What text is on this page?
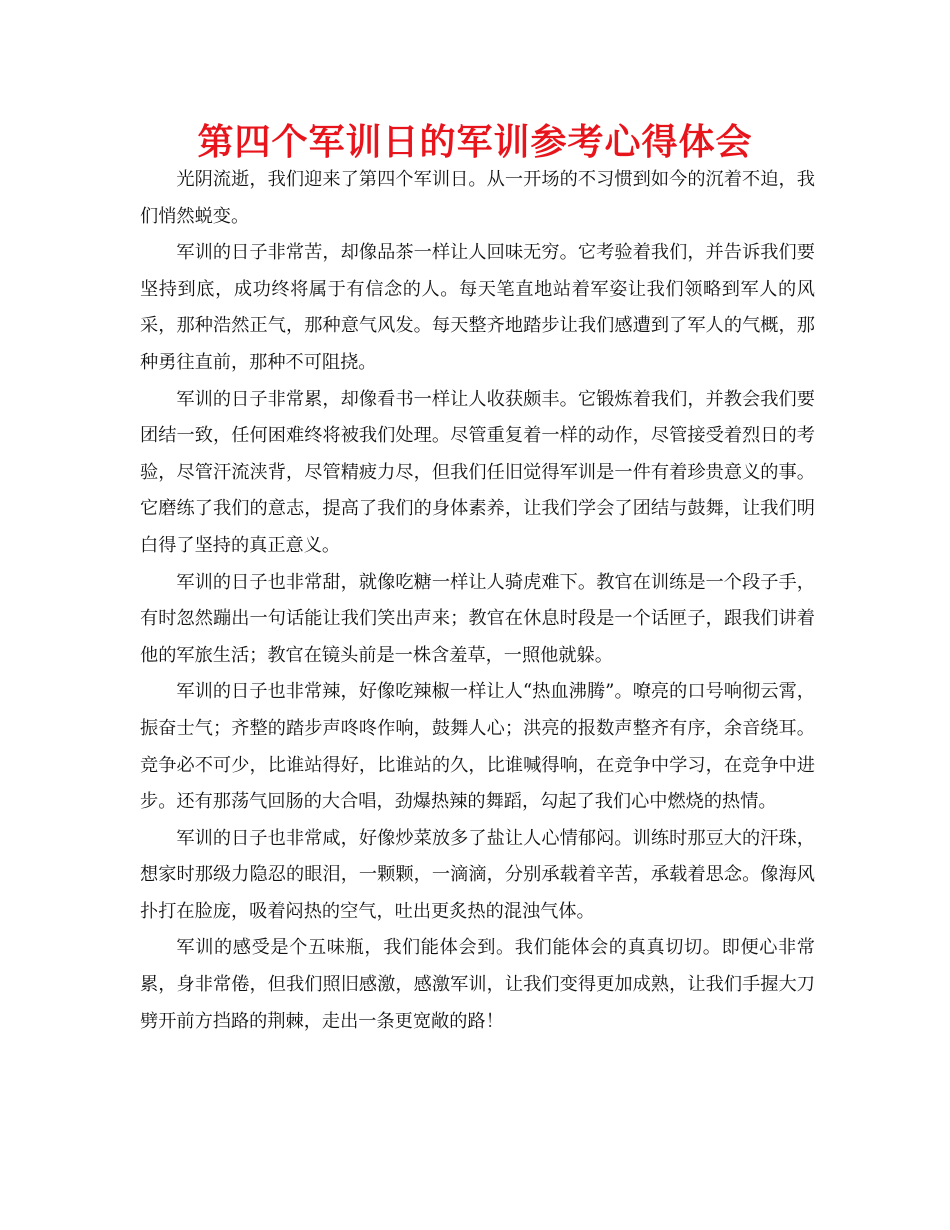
第四个军训日的军训参考心得体会

光阴流逝，我们迎来了第四个军训日。从一开场的不习惯到如今的沉着不迫，我们悄然蜕变。

军训的日子非常苦，却像品茶一样让人回味无穷。它考验着我们，并告诉我们要坚持到底，成功终将属于有信念的人。每天笔直地站着军姿让我们领略到军人的风采，那种浩然正气，那种意气风发。每天整齐地踏步让我们感遭到了军人的气概，那种勇往直前，那种不可阻挠。

军训的日子非常累，却像看书一样让人收获颇丰。它锻炼着我们，并教会我们要团结一致，任何困难终将被我们处理。尽管重复着一样的动作，尽管接受着烈日的考验，尽管汗流浃背，尽管精疲力尽，但我们任旧觉得军训是一件有着珍贵意义的事。它磨练了我们的意志，提高了我们的身体素养，让我们学会了团结与鼓舞，让我们明白得了坚持的真正意义。

军训的日子也非常甜，就像吃糖一样让人骑虎难下。教官在训练是一个段子手，有时忽然蹦出一句话能让我们笑出声来；教官在休息时段是一个话匣子，跟我们讲着他的军旅生活；教官在镜头前是一株含羞草，一照他就躲。

军训的日子也非常辣，好像吃辣椒一样让人“热血沸腾”。嘹亮的口号响彻云霄，振奋士气；齐整的踏步声咚咚作响，鼓舞人心；洪亮的报数声整齐有序，余音绕耳。竞争必不可少，比谁站得好，比谁站的久，比谁喊得响，在竞争中学习，在竞争中进步。还有那荡气回肠的大合唱，劲爆热辣的舞蹈，勾起了我们心中燃烧的热情。

军训的日子也非常咸，好像炒菜放多了盐让人心情郁闷。训练时那豆大的汗珠，想家时那级力隐忍的眼泪，一颗颗，一滴滴，分别承载着辛苦，承载着思念。像海风扑打在脸庞，吸着闷热的空气，吐出更炙热的混浊气体。

军训的感受是个五味瓶，我们能体会到。我们能体会的真真切切。即便心非常累，身非常倦，但我们照旧感激，感激军训，让我们变得更加成熟，让我们手握大刀劈开前方挡路的荆棘，走出一条更宽敞的路！
